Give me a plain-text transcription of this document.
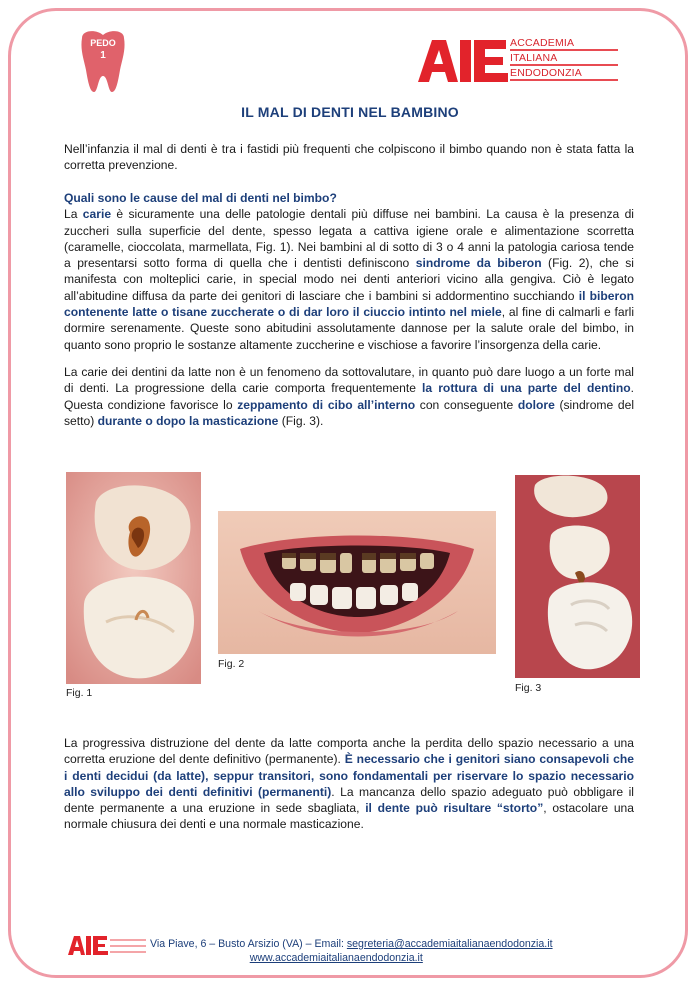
PEDO
1
ACCADEMIA
ITALIANA
ENDODONZIA
IL MAL DI DENTI NEL BAMBINO

Nell’infanzia il mal di denti è tra i fastidi più frequenti che colpiscono il bimbo quando non è stata fatta la corretta prevenzione.

Quali sono le cause del mal di denti nel bimbo?
La carie è sicuramente una delle patologie dentali più diffuse nei bambini. La causa è la presenza di zuccheri sulla superficie del dente, spesso legata a cattiva igiene orale e alimentazione scorretta (caramelle, cioccolata, marmellata, Fig. 1). Nei bambini al di sotto di 3 o 4 anni la patologia cariosa tende a presentarsi sotto forma di quella che i dentisti definiscono sindrome da biberon (Fig. 2), che si manifesta con molteplici carie, in special modo nei denti anteriori vicino alla gengiva. Ciò è legato all’abitudine diffusa da parte dei genitori di lasciare che i bambini si addormentino succhiando il biberon contenente latte o tisane zuccherate o di dar loro il ciuccio intinto nel miele, al fine di calmarli e farli dormire serenamente. Queste sono abitudini assolutamente dannose per la salute orale del bimbo, in quanto sono proprio le sostanze altamente zuccherine e vischiose a favorire l’insorgenza della carie.

La carie dei dentini da latte non è un fenomeno da sottovalutare, in quanto può dare luogo a un forte mal di denti. La progressione della carie comporta frequentemente la rottura di una parte del dentino. Questa condizione favorisce lo zeppamento di cibo all’interno con conseguente dolore (sindrome del setto) durante o dopo la masticazione (Fig. 3).

Fig. 1
Fig. 2
Fig. 3

La progressiva distruzione del dente da latte comporta anche la perdita dello spazio necessario a una corretta eruzione del dente definitivo (permanente). È necessario che i genitori siano consapevoli che i denti decidui (da latte), seppur transitori, sono fondamentali per riservare lo spazio necessario allo sviluppo dei denti definitivi (permanenti). La mancanza dello spazio adeguato può obbligare il dente permanente a una eruzione in sede sbagliata, il dente può risultare “storto”, ostacolare una normale chiusura dei denti e una normale masticazione.

Via Piave, 6 – Busto Arsizio (VA) – Email: segreteria@accademiaitalianaendodonzia.it
www.accademiaitalianaendodonzia.it
